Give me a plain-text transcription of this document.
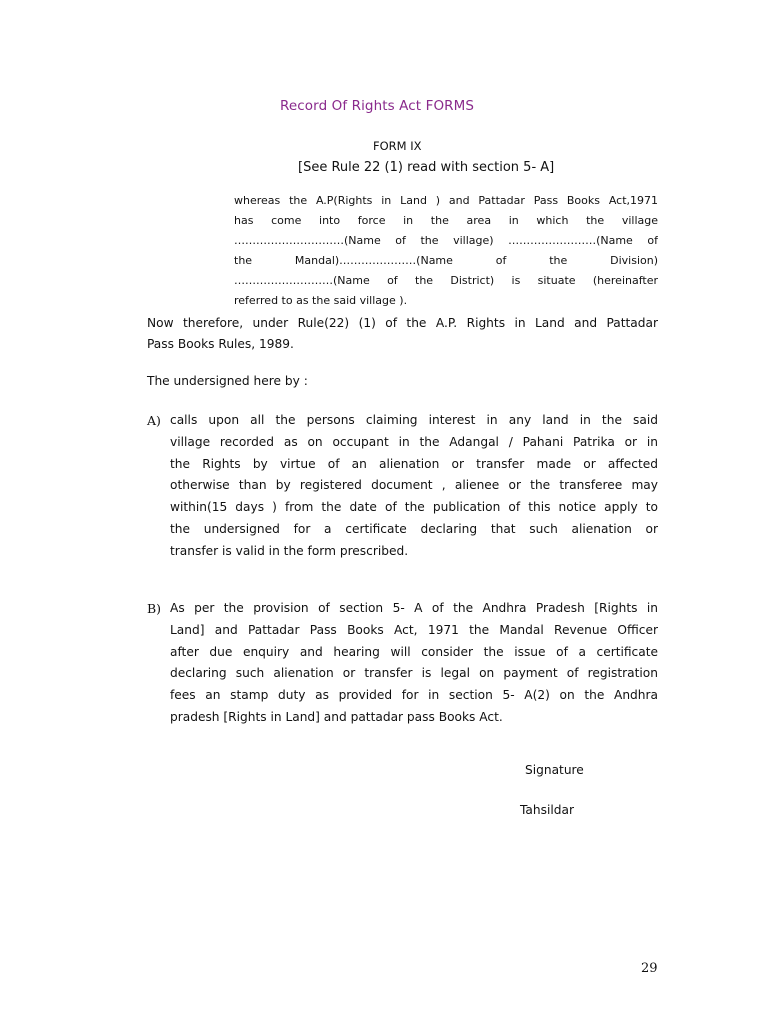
Record Of Rights Act FORMS
FORM IX
[See Rule 22 (1) read with section 5- A]
whereas the A.P(Rights in Land ) and Pattadar Pass Books Act,1971
has come into force in the area in which the village
…………………………(Name of the village) ……………………(Name of
the Mandal)…………………(Name of the Division)
………………………(Name of the District) is situate (hereinafter
referred to as the said village ).
Now therefore, under Rule(22) (1) of the A.P. Rights in Land and Pattadar
Pass Books Rules, 1989.
The undersigned here by :
A) calls upon all the persons claiming interest in any land in the said
village recorded as on occupant in the Adangal / Pahani Patrika or in
the Rights by virtue of an alienation or transfer made or affected
otherwise than by registered document , alienee or the transferee may
within(15 days ) from the date of the publication of this notice apply to
the undersigned for a certificate declaring that such alienation or
transfer is valid in the form prescribed.
B) As per the provision of section 5- A of the Andhra Pradesh [Rights in
Land] and Pattadar Pass Books Act, 1971 the Mandal Revenue Officer
after due enquiry and hearing will consider the issue of a certificate
declaring such alienation or transfer is legal on payment of registration
fees an stamp duty as provided for in section 5- A(2) on the Andhra
pradesh [Rights in Land] and pattadar pass Books Act.
Signature
Tahsildar
29
